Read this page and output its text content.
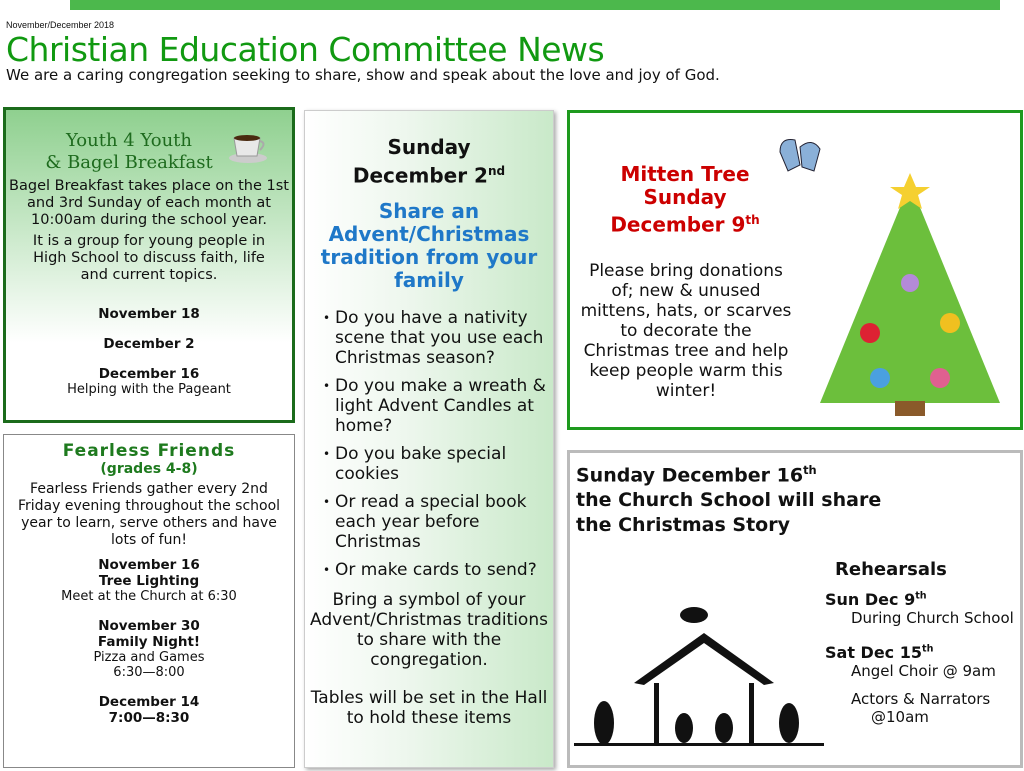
November/December 2018
Christian Education Committee News
We are a caring congregation seeking to share, show and speak about the love and joy of God.
Youth 4 Youth
& Bagel Breakfast
Bagel Breakfast takes place on the 1st and 3rd Sunday of each month at 10:00am during the school year.
It is a group for young people in High School to discuss faith, life and current topics.
November 18
December 2
December 16
Helping with the Pageant
Fearless Friends
(grades 4-8)
Fearless Friends gather every 2nd Friday evening throughout the school year to learn, serve others and have lots of fun!
November 16
Tree Lighting
Meet at the Church at 6:30
November 30
Family Night!
Pizza and Games
6:30—8:00
December 14
7:00—8:30
Sunday
December 2nd
Share an Advent/Christmas tradition from your family
• Do you have a nativity scene that you use each Christmas season?
• Do you make a wreath & light Advent Candles at home?
• Do you bake special cookies
• Or read a special book each year before Christmas
• Or make cards to send?
Bring a symbol of your Advent/Christmas traditions to share with the congregation.
Tables will be set in the Hall to hold these items
Mitten Tree
Sunday
December 9th
Please bring donations of; new & unused mittens, hats, or scarves to decorate the Christmas tree and help keep people warm this winter!
Sunday December 16th
the Church School will share
the Christmas Story
Rehearsals
Sun Dec 9th
During Church School
Sat Dec 15th
Angel Choir @ 9am
Actors & Narrators
@10am
